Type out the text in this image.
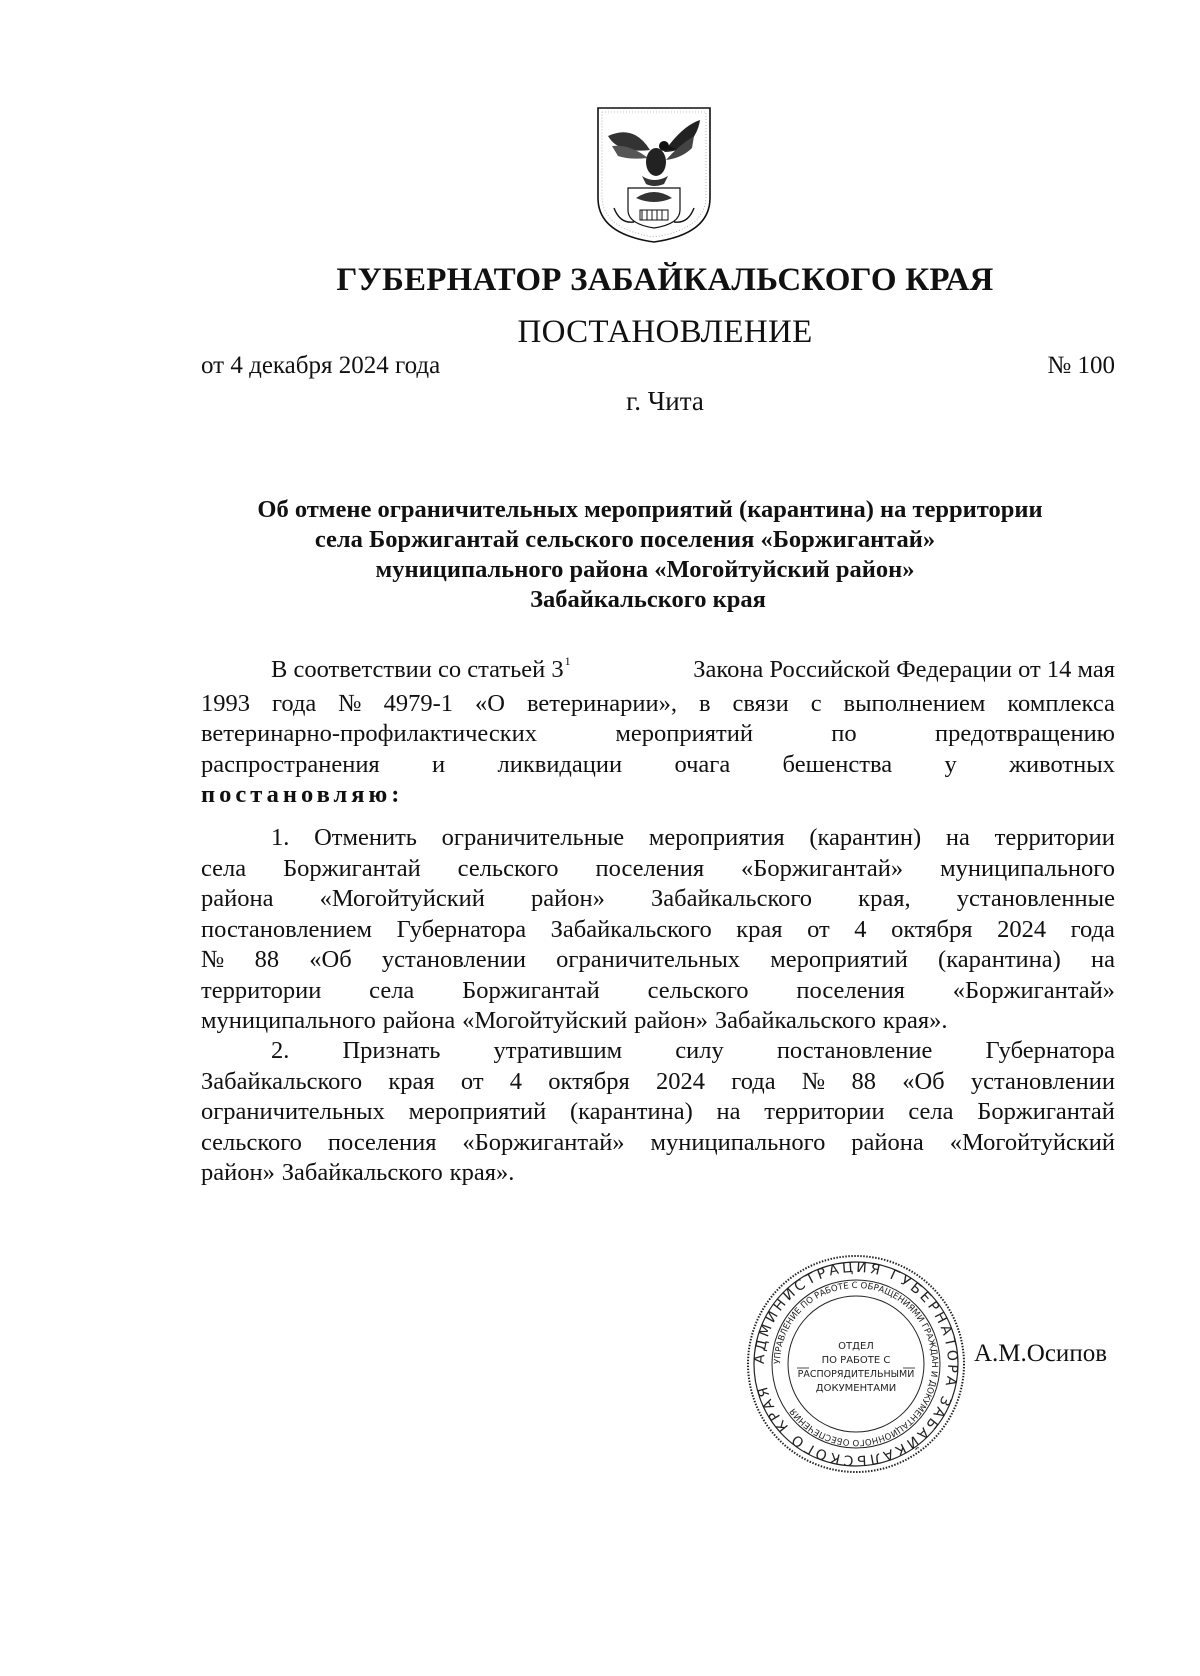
ГУБЕРНАТОР ЗАБАЙКАЛЬСКОГО КРАЯ
ПОСТАНОВЛЕНИЕ
от 4 декабря 2024 года	№ 100
г. Чита
Об отмене ограничительных мероприятий (карантина) на территории
села Боржигантай сельского поселения «Боржигантай»
муниципального района «Могойтуйский район»
Забайкальского края
В соответствии со статьей $3^1$	Закона Российской Федерации от 14 мая
1993 года № 4979-1 «О ветеринарии», в связи с выполнением комплекса
ветеринарно-профилактических	мероприятий	по	предотвращению
распространения и ликвидации очага бешенства у животных
постановляю:
1. Отменить ограничительные мероприятия (карантин) на территории
села Боржигантай сельского поселения «Боржигантай» муниципального
района «Могойтуйский район» Забайкальского края, установленные
постановлением Губернатора Забайкальского края от 4 октября 2024 года
№ 88 «Об установлении ограничительных мероприятий (карантина) на
территории села Боржигантай сельского поселения «Боржигантай»
муниципального района «Могойтуйский район» Забайкальского края».
2. Признать утратившим силу постановление Губернатора
Забайкальского края от 4 октября 2024 года № 88 «Об установлении
ограничительных мероприятий (карантина) на территории села Боржигантай
сельского поселения «Боржигантай» муниципального района «Могойтуйский
район» Забайкальского края».
АДМИНИСТРАЦИЯ ГУБЕРНАТОРА ЗАБАЙКАЛЬСКОГО КРАЯ
УПРАВЛЕНИЕ ПО РАБОТЕ С ОБРАЩЕНИЯМИ ГРАЖДАН И ДОКУМЕНТАЦИОННОГО ОБЕСПЕЧЕНИЯ
ОТДЕЛ
ПО РАБОТЕ С
РАСПОРЯДИТЕЛЬНЫМИ
ДОКУМЕНТАМИ
А.М.Осипов
